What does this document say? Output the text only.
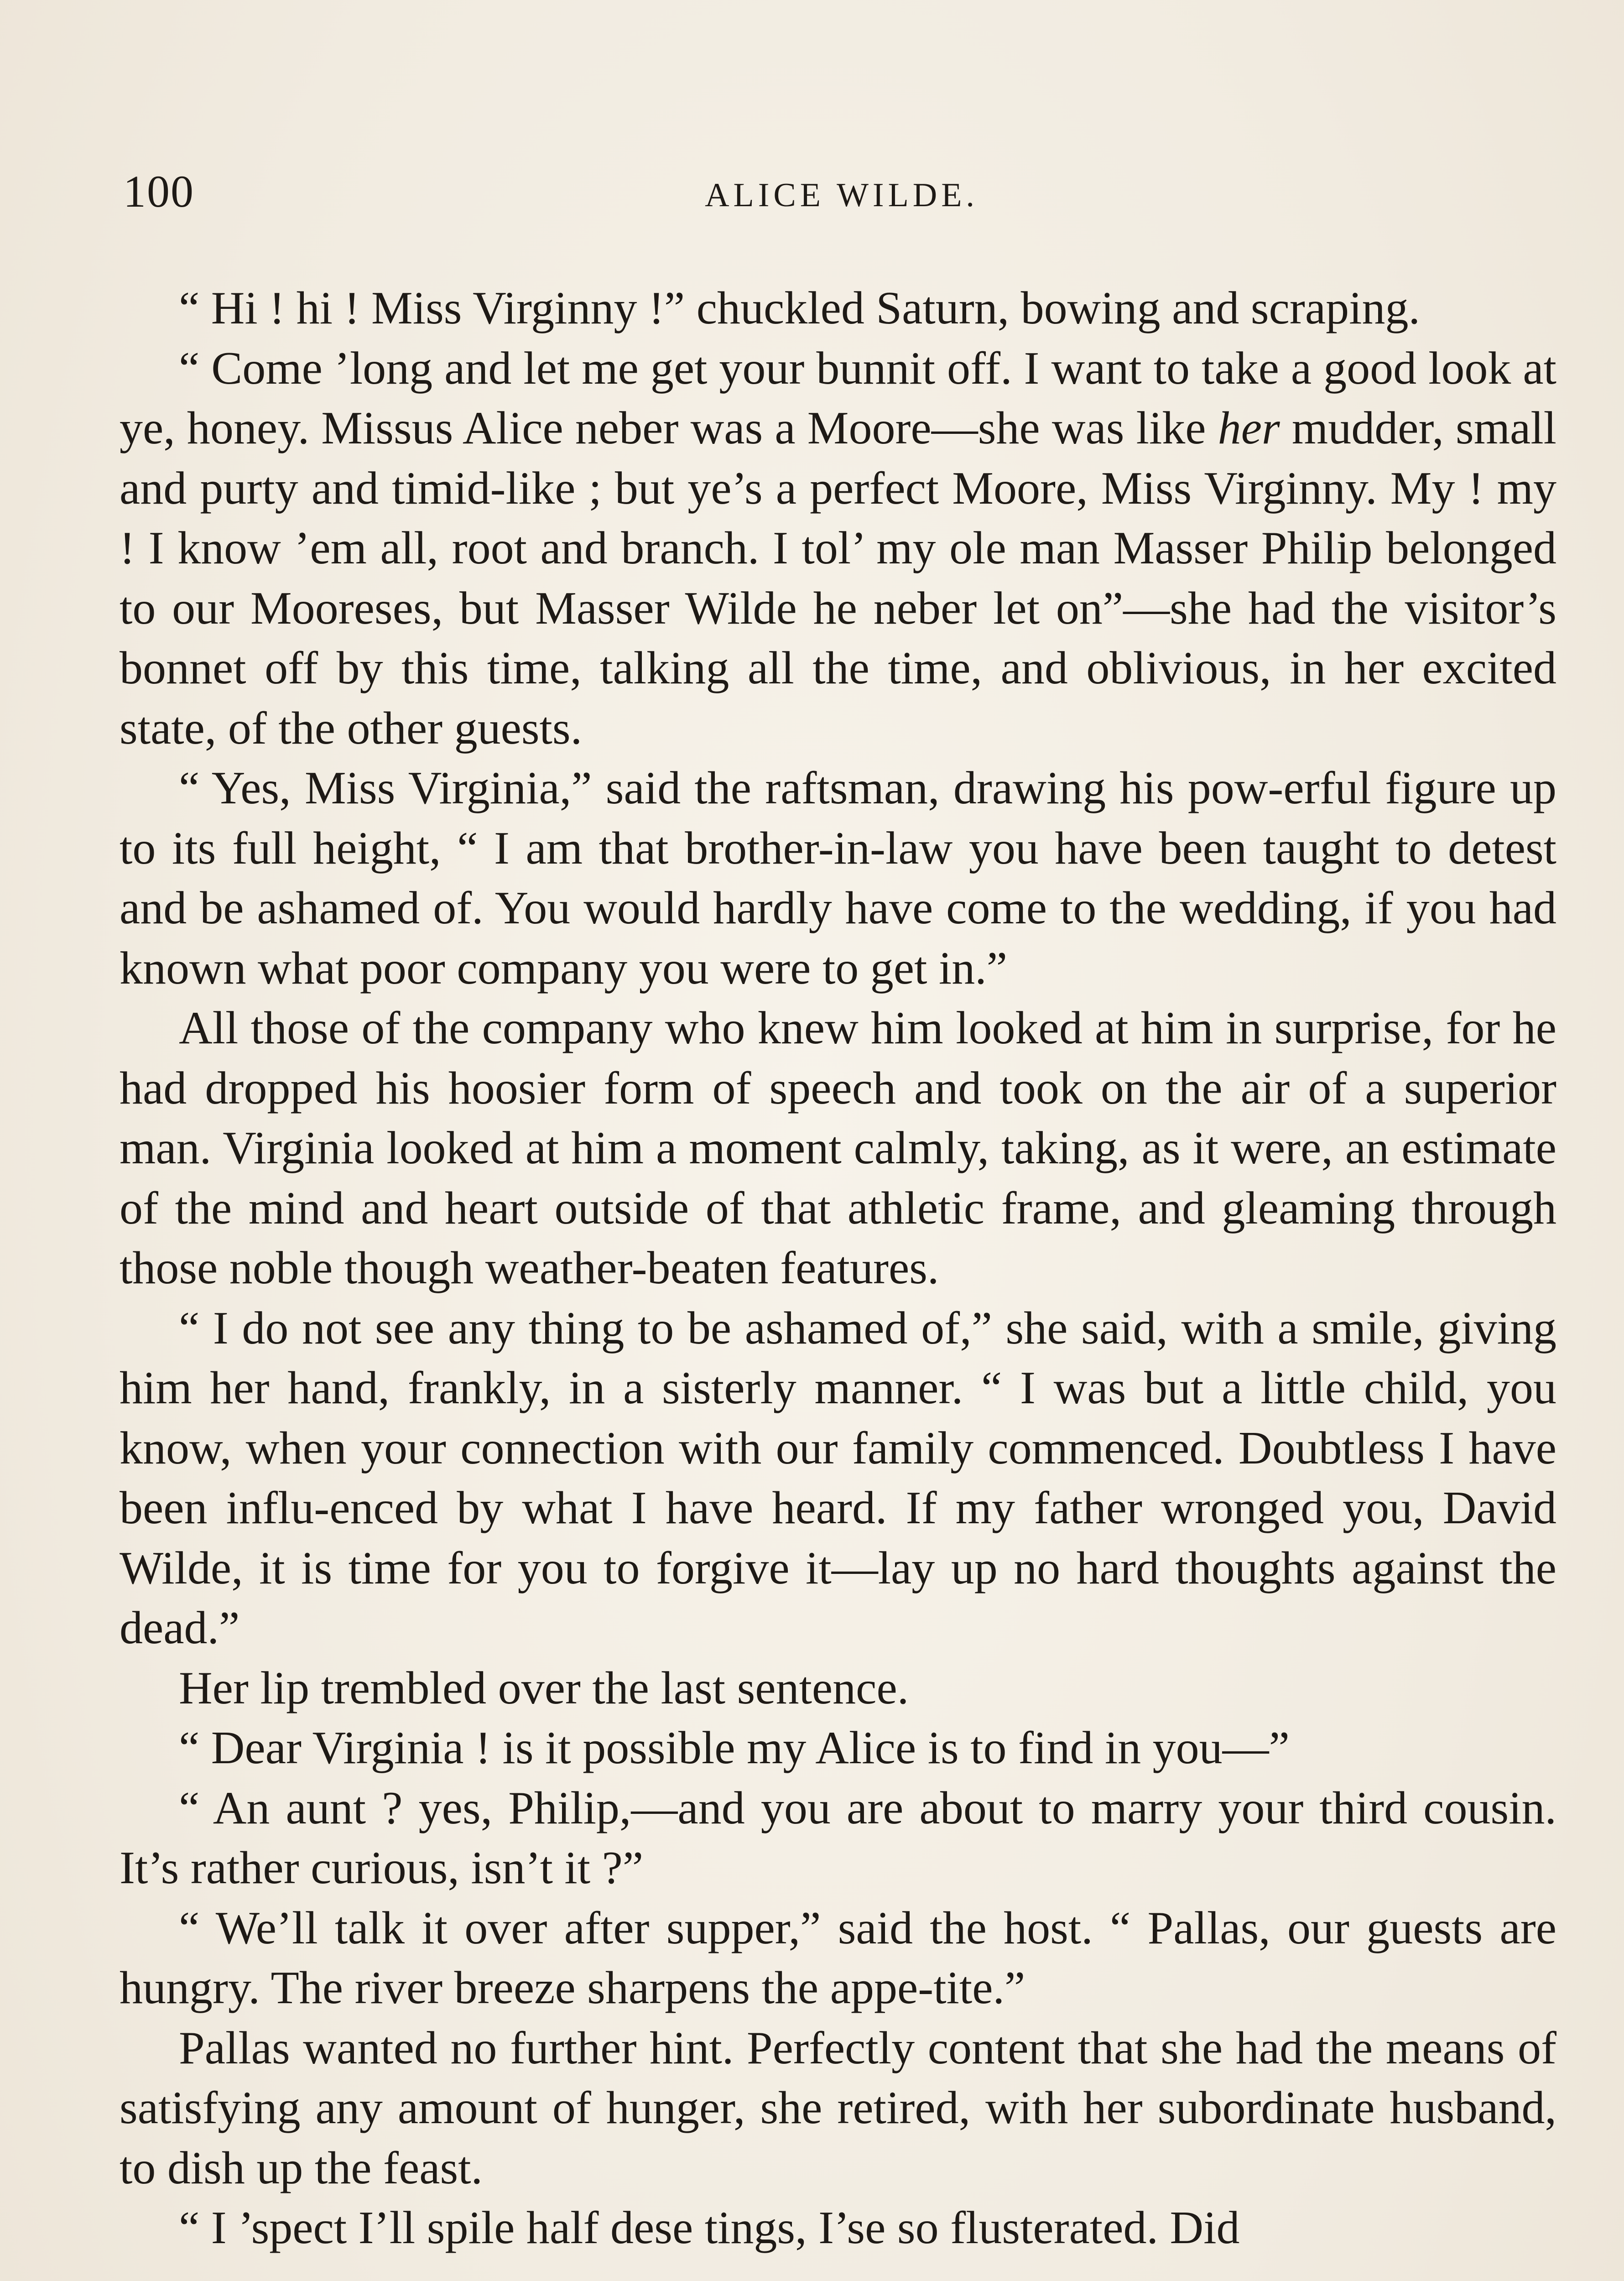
100	ALICE WILDE.

“ Hi ! hi ! Miss Virginny !” chuckled Saturn, bowing and scraping.

“ Come ’long and let me get your bunnit off. I want to take a good look at ye, honey. Missus Alice neber was a Moore—she was like her mudder, small and purty and timid-like ; but ye’s a perfect Moore, Miss Virginny. My ! my ! I know ’em all, root and branch. I tol’ my ole man Masser Philip belonged to our Mooreses, but Masser Wilde he neber let on”—she had the visitor’s bonnet off by this time, talking all the time, and oblivious, in her excited state, of the other guests.

“ Yes, Miss Virginia,” said the raftsman, drawing his pow-erful figure up to its full height, “ I am that brother-in-law you have been taught to detest and be ashamed of. You would hardly have come to the wedding, if you had known what poor company you were to get in.”

All those of the company who knew him looked at him in surprise, for he had dropped his hoosier form of speech and took on the air of a superior man. Virginia looked at him a moment calmly, taking, as it were, an estimate of the mind and heart outside of that athletic frame, and gleaming through those noble though weather-beaten features.

“ I do not see any thing to be ashamed of,” she said, with a smile, giving him her hand, frankly, in a sisterly manner. “ I was but a little child, you know, when your connection with our family commenced. Doubtless I have been influ-enced by what I have heard. If my father wronged you, David Wilde, it is time for you to forgive it—lay up no hard thoughts against the dead.”

Her lip trembled over the last sentence.

“ Dear Virginia ! is it possible my Alice is to find in you—”

“ An aunt ? yes, Philip,—and you are about to marry your third cousin. It’s rather curious, isn’t it ?”

“ We’ll talk it over after supper,” said the host. “ Pallas, our guests are hungry. The river breeze sharpens the appe-tite.”

Pallas wanted no further hint. Perfectly content that she had the means of satisfying any amount of hunger, she retired, with her subordinate husband, to dish up the feast.

“ I ’spect I’ll spile half dese tings, I’se so flusterated. Did
